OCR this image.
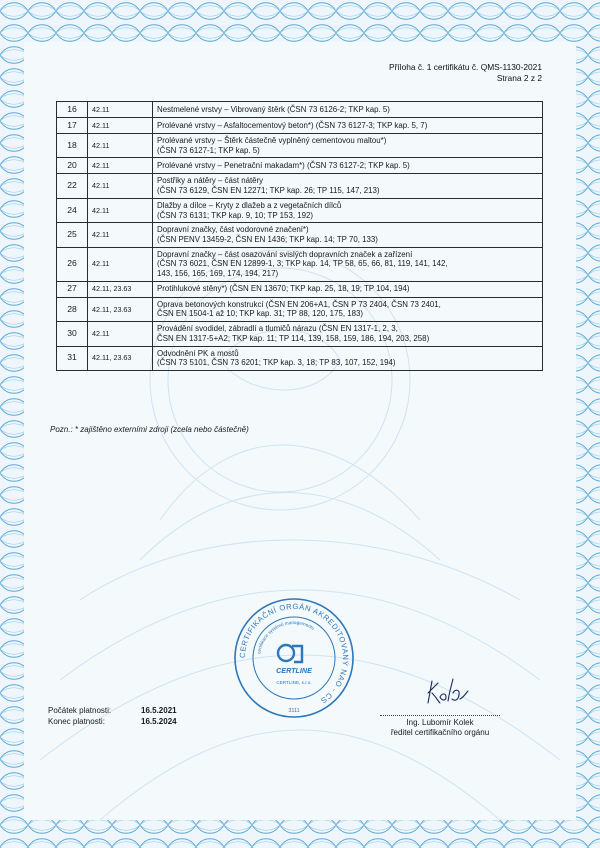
Příloha č. 1 certifikátu č. QMS-1130-2021
Strana 2 z 2
16	42.11	Nestmelené vrstvy – Vibrovaný štěrk (ČSN 73 6126-2; TKP kap. 5)

17	42.11	Prolévané vrstvy – Asfaltocementový beton*) (ČSN 73 6127-3; TKP kap. 5, 7)

18	42.11	Prolévané vrstvy – Štěrk částečně vyplněný cementovou maltou*)
(ČSN 73 6127-1; TKP kap. 5)

20	42.11	Prolévané vrstvy – Penetrační makadam*) (ČSN 73 6127-2; TKP kap. 5)

22	42.11	Postřiky a nátěry – část nátěry
(ČSN 73 6129, ČSN EN 12271; TKP kap. 26; TP 115, 147, 213)

24	42.11	Dlažby a dílce – Kryty z dlažeb a z vegetačních dílců
(ČSN 73 6131; TKP kap. 9, 10; TP 153, 192)

25	42.11	Dopravní značky, část vodorovné značení*)
(ČSN PENV 13459-2, ČSN EN 1436; TKP kap. 14; TP 70, 133)

26	42.11	Dopravní značky – část osazování svislých dopravních značek a zařízení
(ČSN 73 6021, ČSN EN 12899-1, 3; TKP kap. 14, TP 58, 65, 66, 81, 119, 141, 142,
143, 156, 165, 169, 174, 194, 217)

27	42.11, 23.63	Protihlukové stěny*) (ČSN EN 13670; TKP kap. 25, 18, 19; TP 104, 194)

28	42.11, 23.63	Oprava betonových konstrukcí (ČSN EN 206+A1, ČSN P 73 2404, ČSN 73 2401,
ČSN EN 1504-1 až 10; TKP kap. 31; TP 88, 120, 175, 183)

30	42.11	Provádění svodidel, zábradlí a tlumičů nárazu (ČSN EN 1317-1, 2, 3,
ČSN EN 1317-5+A2; TKP kap. 11; TP 114, 139, 158, 159, 186, 194, 203, 258)

31	42.11, 23.63	Odvodnění PK a mostů
(ČSN 73 5101, ČSN 73 6201; TKP kap. 3, 18; TP 83, 107, 152, 194)
Pozn.: * zajištěno externími zdroji (zcela nebo částečně)
CERTIFIKAČNÍ ORGÁN AKREDITOVANÝ NAO - CS
certifikace systémů managementu
CERTLINE
CERTLINE, s.r.o.
3111
Počátek platnosti:	16.5.2021
Konec platnosti:	16.5.2024	Ing. Lubomír Kolek
ředitel certifikačního orgánu
